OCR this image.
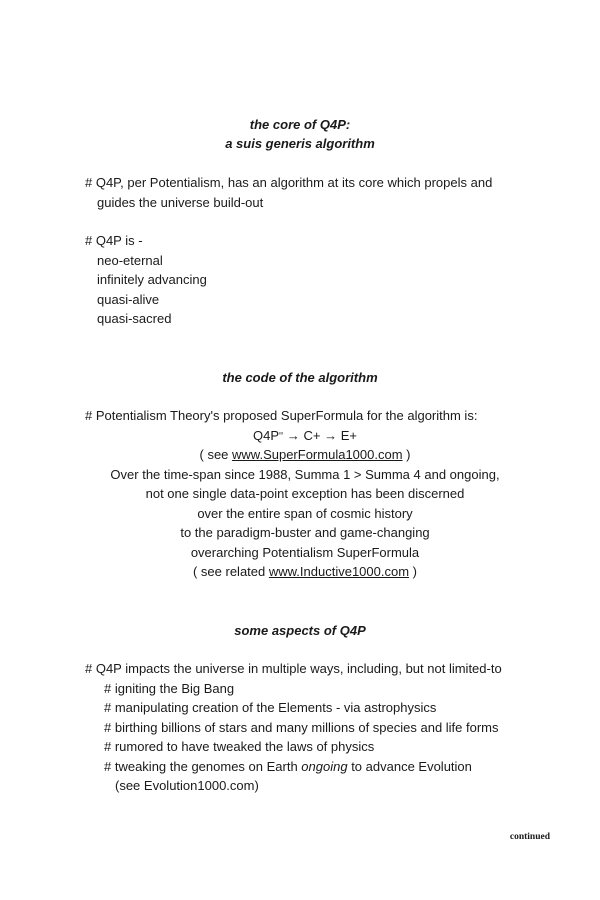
the core of Q4P:
a suis generis algorithm
# Q4P, per Potentialism, has an algorithm at its core which propels and
guides the universe build-out
# Q4P is -
neo-eternal
infinitely advancing
quasi-alive
quasi-sacred
the code of the algorithm
# Potentialism Theory's proposed SuperFormula for the algorithm is:
Q4P∞ → C+ → E+
( see www.SuperFormula1000.com )
Over the time-span since 1988, Summa 1 > Summa 4 and ongoing,
not one single data-point exception has been discerned
over the entire span of cosmic history
to the paradigm-buster and game-changing
overarching Potentialism SuperFormula
( see related www.Inductive1000.com )
some aspects of Q4P
# Q4P impacts the universe in multiple ways, including, but not limited-to
# igniting the Big Bang
# manipulating creation of the Elements - via astrophysics
# birthing billions of stars and many millions of species and life forms
# rumored to have tweaked the laws of physics
# tweaking the genomes on Earth ongoing to advance Evolution
(see Evolution1000.com)
continued
